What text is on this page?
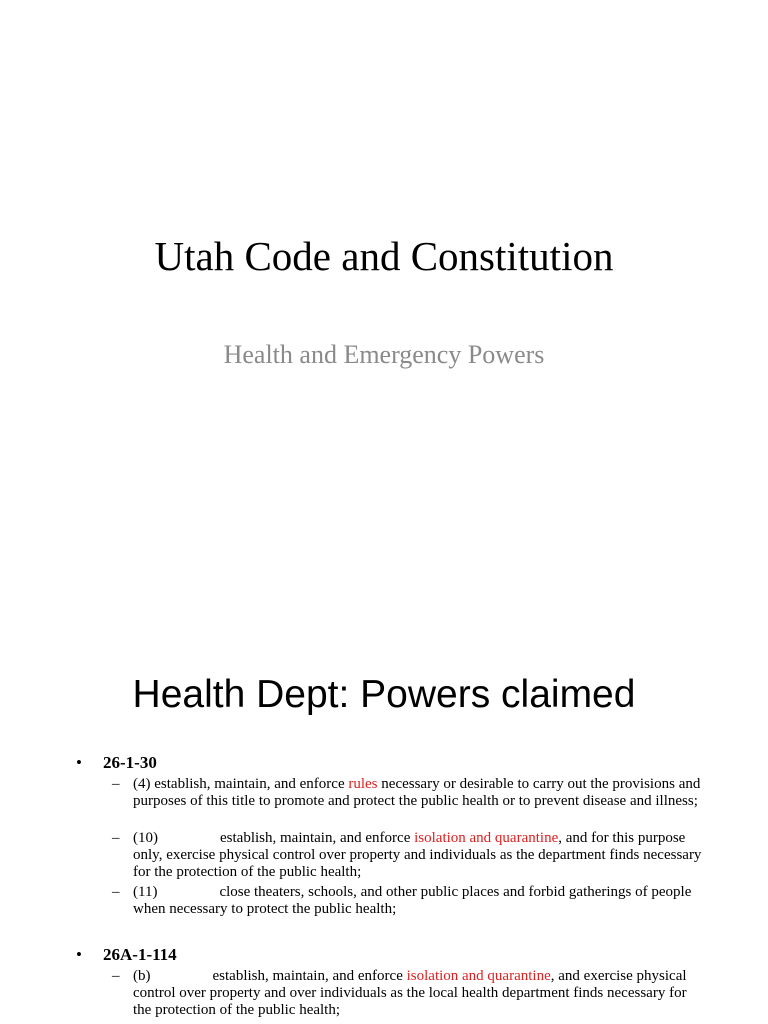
Utah Code and Constitution
Health and Emergency Powers
Health Dept: Powers claimed
• 26-1-30
– (4) establish, maintain, and enforce rules necessary or desirable to carry out the provisions and purposes of this title to promote and protect the public health or to prevent disease and illness;
– (10)	establish, maintain, and enforce isolation and quarantine, and for this purpose only, exercise physical control over property and individuals as the department finds necessary for the protection of the public health;
– (11)	close theaters, schools, and other public places and forbid gatherings of people when necessary to protect the public health;
• 26A-1-114
– (b)	establish, maintain, and enforce isolation and quarantine, and exercise physical control over property and over individuals as the local health department finds necessary for the protection of the public health;
